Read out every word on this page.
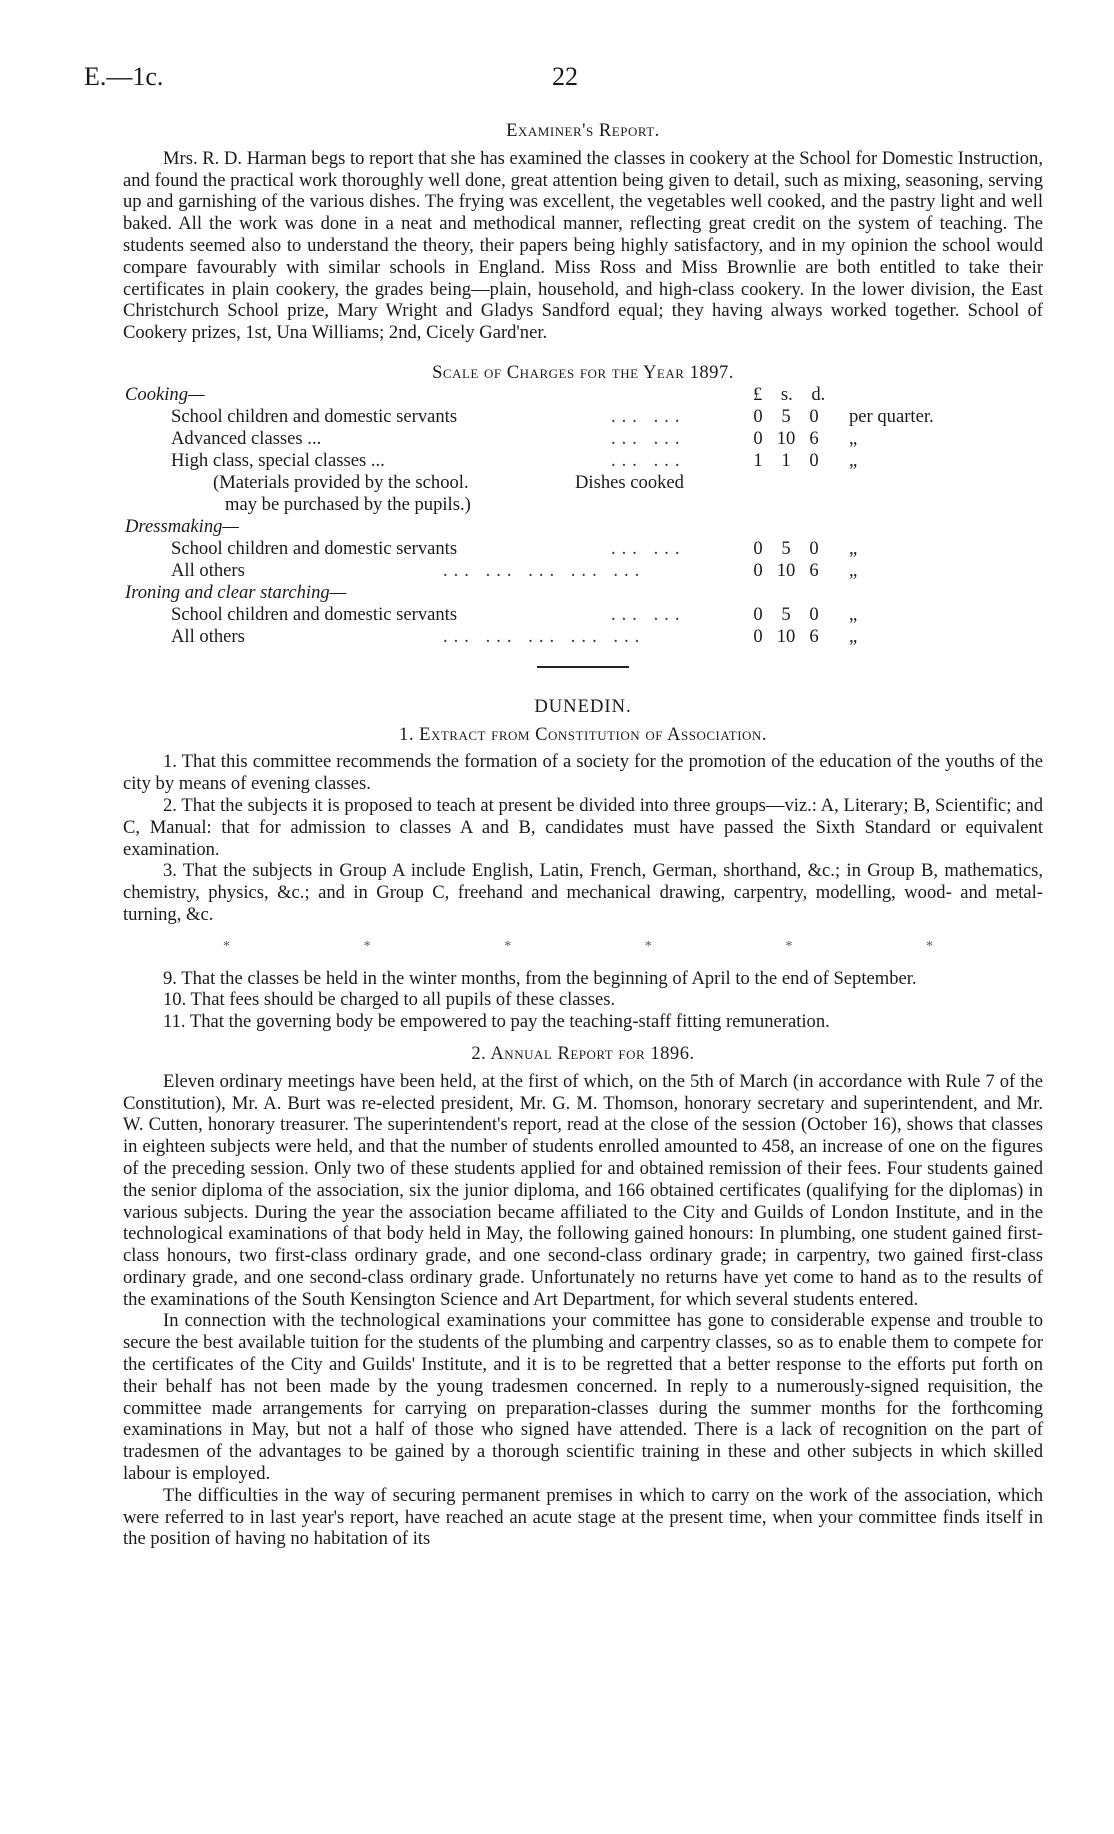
E.—1c.	22
Examiner's Report.

Mrs. R. D. Harman begs to report that she has examined the classes in cookery at the School for Domestic Instruction, and found the practical work thoroughly well done, great attention being given to detail, such as mixing, seasoning, serving up and garnishing of the various dishes. The frying was excellent, the vegetables well cooked, and the pastry light and well baked. All the work was done in a neat and methodical manner, reflecting great credit on the system of teaching. The students seemed also to understand the theory, their papers being highly satisfactory, and in my opinion the school would compare favourably with similar schools in England. Miss Ross and Miss Brownlie are both entitled to take their certificates in plain cookery, the grades being—plain, household, and high-class cookery. In the lower division, the East Christchurch School prize, Mary Wright and Gladys Sandford equal; they having always worked together. School of Cookery prizes, 1st, Una Williams; 2nd, Cicely Gard'ner.

Scale of Charges for the Year 1897.
Cooking—	£ s. d.
School children and domestic servants	... ...	0 5 0	per quarter.
Advanced classes ...	... ...	0 10 6	„
High class, special classes ...	... ...	1 1 0	„
(Materials provided by the school.	Dishes cooked
may be purchased by the pupils.)
Dressmaking—
School children and domestic servants	... ...	0 5 0	„
All others	... ... ... ... ...	0 10 6	„
Ironing and clear starching—
School children and domestic servants	... ...	0 5 0	„
All others	... ... ... ... ...	0 10 6	„
DUNEDIN.
1. Extract from Constitution of Association.

1. That this committee recommends the formation of a society for the promotion of the education of the youths of the city by means of evening classes.

2. That the subjects it is proposed to teach at present be divided into three groups—viz.: A, Literary; B, Scientific; and C, Manual: that for admission to classes A and B, candidates must have passed the Sixth Standard or equivalent examination.

3. That the subjects in Group A include English, Latin, French, German, shorthand, &c.; in Group B, mathematics, chemistry, physics, &c.; and in Group C, freehand and mechanical drawing, carpentry, modelling, wood- and metal-turning, &c.

*	*	*	*	*	*

9. That the classes be held in the winter months, from the beginning of April to the end of September.

10. That fees should be charged to all pupils of these classes.

11. That the governing body be empowered to pay the teaching-staff fitting remuneration.

2. Annual Report for 1896.

Eleven ordinary meetings have been held, at the first of which, on the 5th of March (in accordance with Rule 7 of the Constitution), Mr. A. Burt was re-elected president, Mr. G. M. Thomson, honorary secretary and superintendent, and Mr. W. Cutten, honorary treasurer. The superintendent's report, read at the close of the session (October 16), shows that classes in eighteen subjects were held, and that the number of students enrolled amounted to 458, an increase of one on the figures of the preceding session. Only two of these students applied for and obtained remission of their fees. Four students gained the senior diploma of the association, six the junior diploma, and 166 obtained certificates (qualifying for the diplomas) in various subjects. During the year the association became affiliated to the City and Guilds of London Institute, and in the technological examinations of that body held in May, the following gained honours: In plumbing, one student gained first-class honours, two first-class ordinary grade, and one second-class ordinary grade; in carpentry, two gained first-class ordinary grade, and one second-class ordinary grade. Unfortunately no returns have yet come to hand as to the results of the examinations of the South Kensington Science and Art Department, for which several students entered.

In connection with the technological examinations your committee has gone to considerable expense and trouble to secure the best available tuition for the students of the plumbing and carpentry classes, so as to enable them to compete for the certificates of the City and Guilds' Institute, and it is to be regretted that a better response to the efforts put forth on their behalf has not been made by the young tradesmen concerned. In reply to a numerously-signed requisition, the committee made arrangements for carrying on preparation-classes during the summer months for the forthcoming examinations in May, but not a half of those who signed have attended. There is a lack of recognition on the part of tradesmen of the advantages to be gained by a thorough scientific training in these and other subjects in which skilled labour is employed.

The difficulties in the way of securing permanent premises in which to carry on the work of the association, which were referred to in last year's report, have reached an acute stage at the present time, when your committee finds itself in the position of having no habitation of its
